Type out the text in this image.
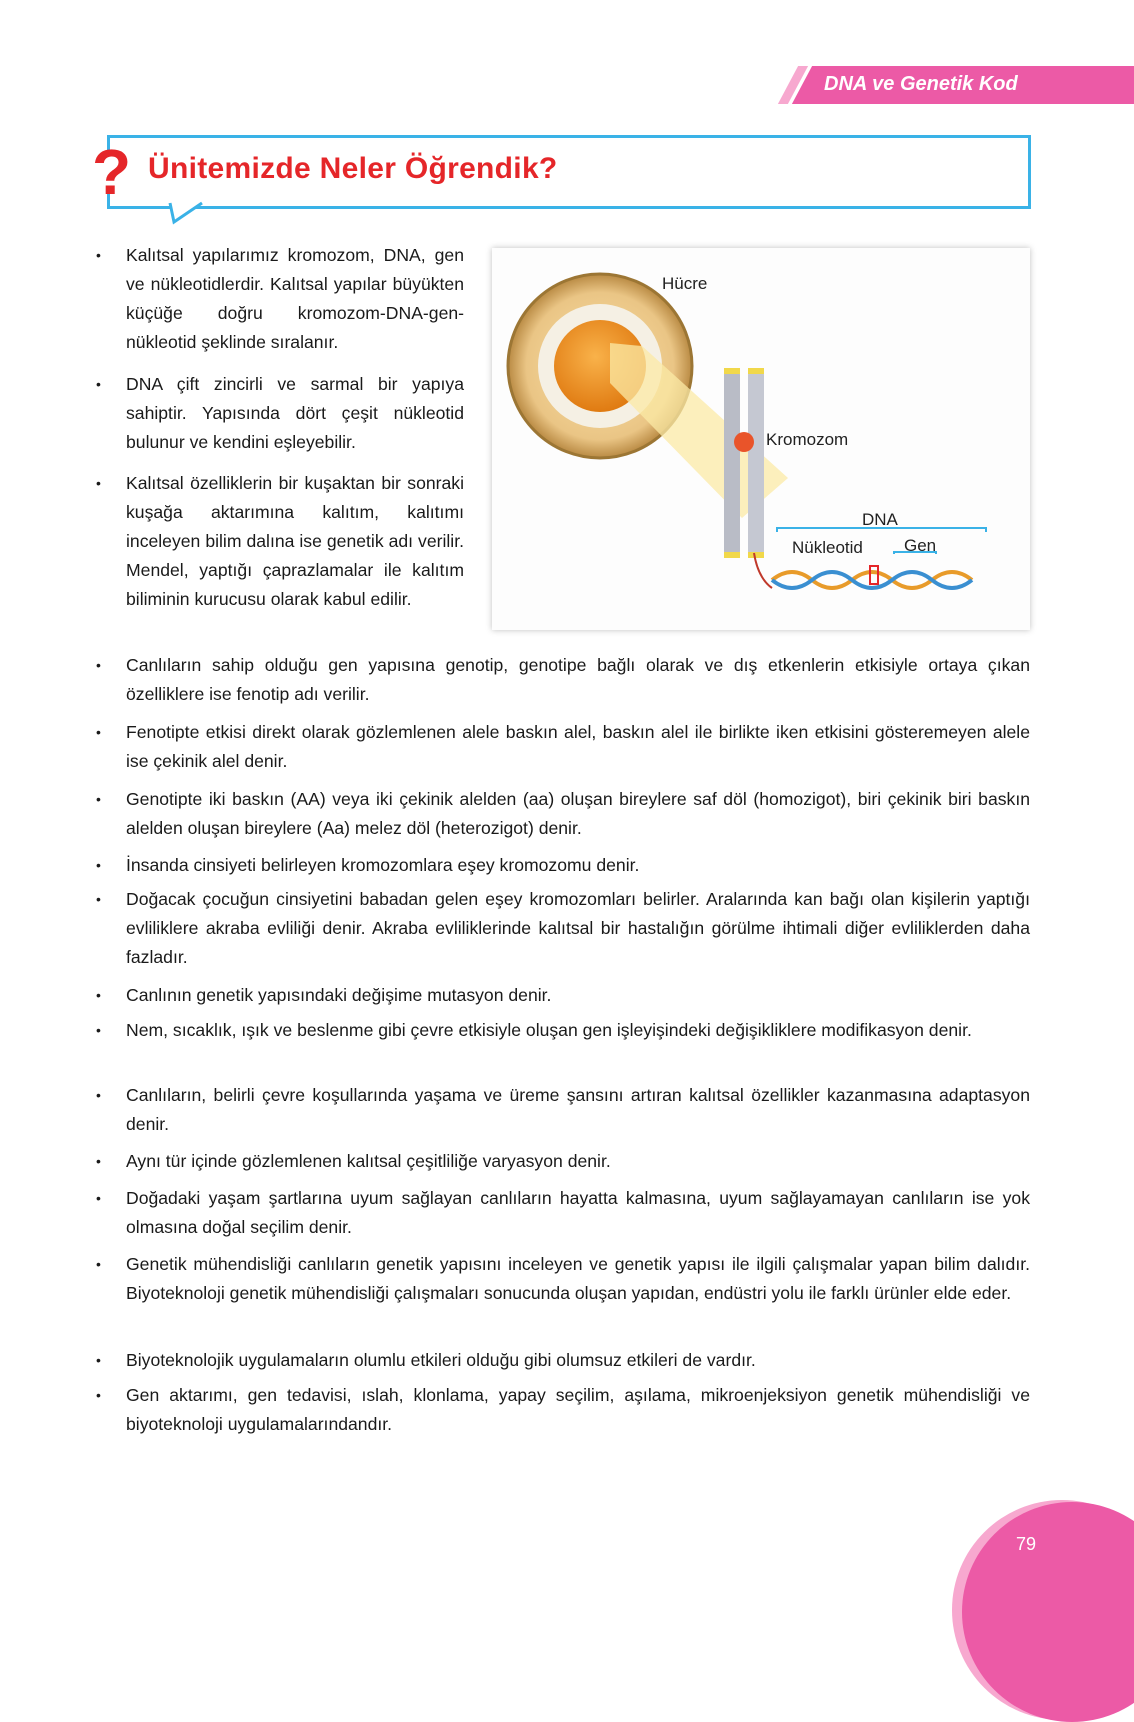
DNA ve Genetik Kod
? Ünitemizde Neler Öğrendik?
Hücre
Kromozom
DNA
Nükleotid Gen
• Kalıtsal yapılarımız kromozom, DNA, gen ve nükleotidlerdir. Kalıtsal yapılar büyükten küçüğe doğru kromozom-DNA-gen-nükleotid şeklinde sıralanır.
• DNA çift zincirli ve sarmal bir yapıya sahiptir. Yapısında dört çeşit nükleotid bulunur ve kendini eşleyebilir.
• Kalıtsal özelliklerin bir kuşaktan bir sonraki kuşağa aktarımına kalıtım, kalıtımı inceleyen bilim dalına ise genetik adı verilir. Mendel, yaptığı çaprazlamalar ile kalıtım biliminin kurucusu olarak kabul edilir.
• Canlıların sahip olduğu gen yapısına genotip, genotipe bağlı olarak ve dış etkenlerin etkisiyle ortaya çıkan özelliklere ise fenotip adı verilir.
• Fenotipte etkisi direkt olarak gözlemlenen alele baskın alel, baskın alel ile birlikte iken etkisini gösteremeyen alele ise çekinik alel denir.
• Genotipte iki baskın (AA) veya iki çekinik alelden (aa) oluşan bireylere saf döl (homozigot), biri çekinik biri baskın alelden oluşan bireylere (Aa) melez döl (heterozigot) denir.
• İnsanda cinsiyeti belirleyen kromozomlara eşey kromozomu denir.
• Doğacak çocuğun cinsiyetini babadan gelen eşey kromozomları belirler. Aralarında kan bağı olan kişilerin yaptığı evliliklere akraba evliliği denir. Akraba evliliklerinde kalıtsal bir hastalığın görülme ihtimali diğer evliliklerden daha fazladır.
• Canlının genetik yapısındaki değişime mutasyon denir.
• Nem, sıcaklık, ışık ve beslenme gibi çevre etkisiyle oluşan gen işleyişindeki değişikliklere modifikasyon denir.
• Canlıların, belirli çevre koşullarında yaşama ve üreme şansını artıran kalıtsal özellikler kazanmasına adaptasyon denir.
• Aynı tür içinde gözlemlenen kalıtsal çeşitliliğe varyasyon denir.
• Doğadaki yaşam şartlarına uyum sağlayan canlıların hayatta kalmasına, uyum sağlayamayan canlıların ise yok olmasına doğal seçilim denir.
• Genetik mühendisliği canlıların genetik yapısını inceleyen ve genetik yapısı ile ilgili çalışmalar yapan bilim dalıdır. Biyoteknoloji genetik mühendisliği çalışmaları sonucunda oluşan yapıdan, endüstri yolu ile farklı ürünler elde eder.
• Biyoteknolojik uygulamaların olumlu etkileri olduğu gibi olumsuz etkileri de vardır.
• Gen aktarımı, gen tedavisi, ıslah, klonlama, yapay seçilim, aşılama, mikroenjeksiyon genetik mühendisliği ve biyoteknoloji uygulamalarındandır.
79
